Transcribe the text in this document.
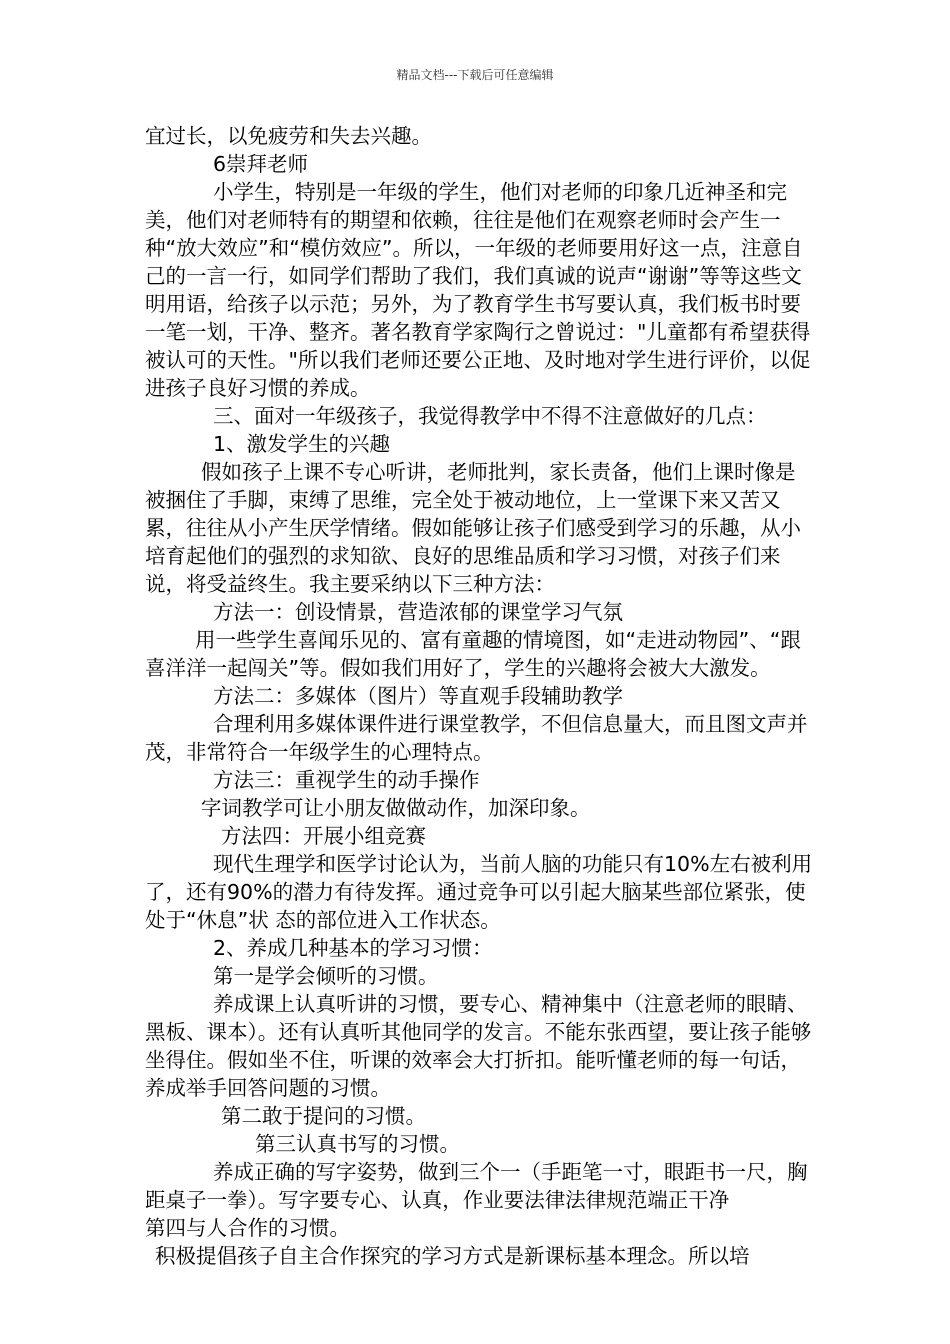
精品文档---下载后可任意编辑

宜过长，以免疲劳和失去兴趣。

6崇拜老师

小学生，特别是一年级的学生，他们对老师的印象几近神圣和完美，他们对老师特有的期望和依赖，往往是他们在观察老师时会产生一种“放大效应”和“模仿效应”。所以，一年级的老师要用好这一点，注意自己的一言一行，如同学们帮助了我们，我们真诚的说声“谢谢”等等这些文明用语，给孩子以示范；另外，为了教育学生书写要认真，我们板书时要一笔一划，干净、整齐。著名教育学家陶行之曾说过："儿童都有希望获得被认可的天性。"所以我们老师还要公正地、及时地对学生进行评价，以促进孩子良好习惯的养成。

三、面对一年级孩子，我觉得教学中不得不注意做好的几点：

1、激发学生的兴趣

假如孩子上课不专心听讲，老师批判，家长责备，他们上课时像是被捆住了手脚，束缚了思维，完全处于被动地位，上一堂课下来又苦又累，往往从小产生厌学情绪。假如能够让孩子们感受到学习的乐趣，从小培育起他们的强烈的求知欲、良好的思维品质和学习习惯，对孩子们来说，将受益终生。我主要采纳以下三种方法：

方法一：创设情景，营造浓郁的课堂学习气氛

用一些学生喜闻乐见的、富有童趣的情境图，如“走进动物园”、“跟喜洋洋一起闯关”等。假如我们用好了，学生的兴趣将会被大大激发。

方法二：多媒体（图片）等直观手段辅助教学

合理利用多媒体课件进行课堂教学，不但信息量大，而且图文声并茂，非常符合一年级学生的心理特点。

方法三：重视学生的动手操作

字词教学可让小朋友做做动作，加深印象。

方法四：开展小组竞赛

现代生理学和医学讨论认为，当前人脑的功能只有10%左右被利用了，还有90%的潜力有待发挥。通过竞争可以引起大脑某些部位紧张，使处于“休息”状 态的部位进入工作状态。

2、养成几种基本的学习习惯：

第一是学会倾听的习惯。

养成课上认真听讲的习惯，要专心、精神集中（注意老师的眼睛、黑板、课本）。还有认真听其他同学的发言。不能东张西望，要让孩子能够坐得住。假如坐不住，听课的效率会大打折扣。能听懂老师的每一句话，养成举手回答问题的习惯。

第二敢于提问的习惯。

第三认真书写的习惯。

养成正确的写字姿势，做到三个一（手距笔一寸，眼距书一尺，胸距桌子一拳）。写字要专心、认真，作业要法律法律规范端正干净

第四与人合作的习惯。

积极提倡孩子自主合作探究的学习方式是新课标基本理念。所以培
